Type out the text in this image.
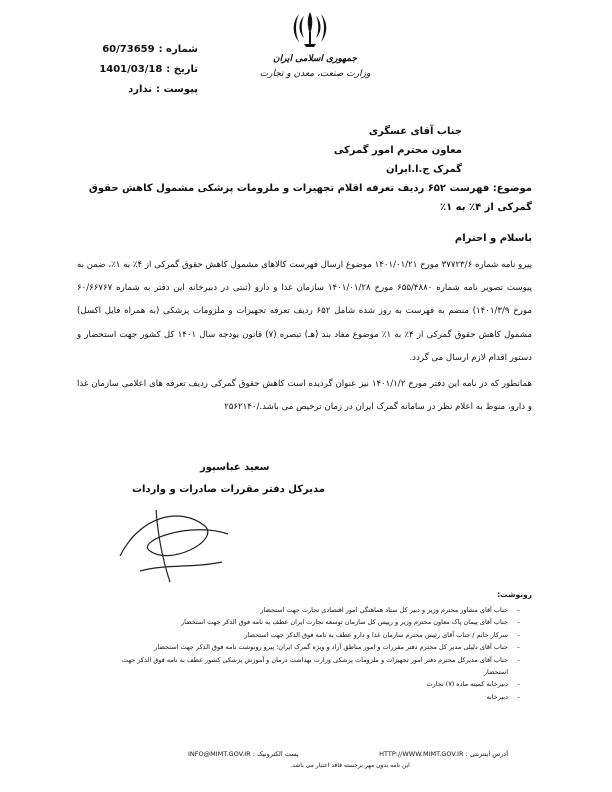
شماره :
60/73659
تاریخ :
1401/03/18
پیوست :
ندارد
جمهوری اسلامی ایران
وزارت صنعت، معدن و تجارت
جناب آقای عسگری
معاون محترم امور گمرکی
گمرک ج.ا.ایران
موضوع: فهرست ۶۵۲ ردیف تعرفه اقلام تجهیزات و ملزومات پزشکی مشمول کاهش حقوق
گمرکی از ۴٪ به ۱٪
باسلام و احترام

پیرو نامه شماره ۳۷۷۲۳/۶ مورخ ۱۴۰۱/۰۱/۲۱ موضوع ارسال فهرست کالاهای مشمول کاهش حقوق گمرکی از ۴٪ به ۱٪، ضمن به پیوست تصویر نامه شماره ۶۵۵/۴۸۸۰ مورخ ۱۴۰۱/۰۱/۲۸ سازمان غذا و دارو (ثبتی در دبیرخانه این دفتر به شماره ۶۰/۶۶۷۶۷ مورخ ۱۴۰۱/۳/۹) منضم به فهرست به روز شده شامل ۶۵۲ ردیف تعرفه تجهیزات و ملزومات پزشکی (به همراه فایل اکسل) مشمول کاهش حقوق گمرکی از ۴٪ به ۱٪ موضوع مفاد بند (هـ) تبصره (۷) قانون بودجه سال ۱۴۰۱ کل کشور جهت استحضار و دستور اقدام لازم ارسال می گردد.

همانطور که در نامه این دفتر مورخ ۱۴۰۱/۱/۲ نیز عنوان گردیده است کاهش حقوق گمرکی ردیف تعرفه های اعلامی سازمان غذا و دارو، منوط به اعلام نظر در سامانه گمرک ایران در زمان ترخیص می باشد./۲۵۶۲۱۴۰

سعید عباسپور
مدیرکل دفتر مقررات صادرات و واردات
رونوشت:
–
جناب آقای مشاور محترم وزیر و دبیر کل ستاد هماهنگی امور اقتصادی تجارت جهت استحضار
–
جناب آقای پیمان پاک معاون محترم وزیر و رییس کل سازمان توسعه تجارت ایران عطف به نامه فوق الذکر جهت استحضار
–
سرکار خانم / جناب آقای رئیس محترم سازمان غذا و دارو عطف به نامه فوق الذکر جهت استحضار
–
جناب آقای دلیلی مدیر کل محترم دفتر مقررات و امور مناطق آزاد و ویژه گمرک ایران؛ پیرو رونوشت نامه فوق الذکر جهت استحضار
–
جناب آقای مدیرکل محترم دفتر امور تجهیزات و ملزومات پزشکی وزارت بهداشت درمان و آموزش پزشکی کشور عطف به نامه فوق الذکر جهت استحضار
–
دبیرخانه کمیته ماده (۷) تجارت
–
دبیرخانه
INFO@MIMT.GOV.IR : پست الکترونیک	HTTP://WWW.MIMT.GOV.IR : آدرس اینترنتی
این نامه بدون مهر برجسته فاقد اعتبار می باشد.
